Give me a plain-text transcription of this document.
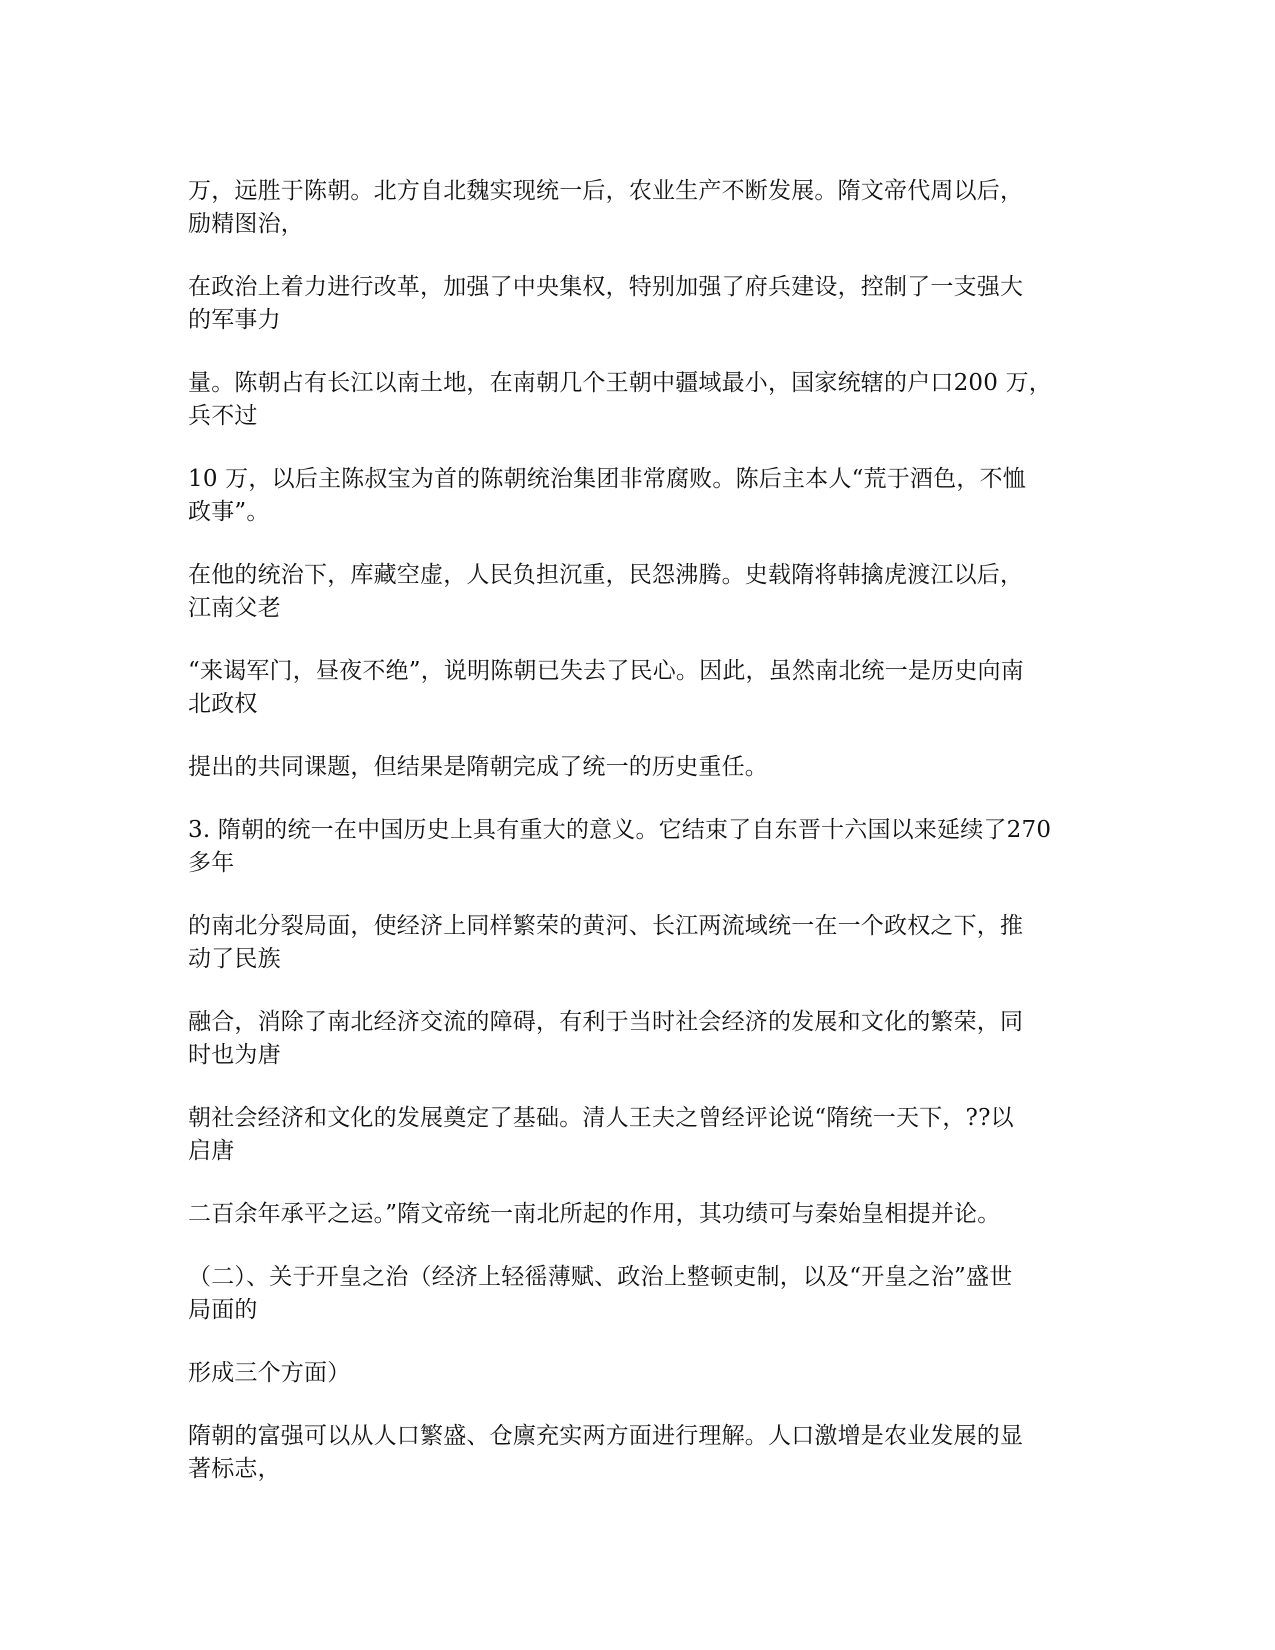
万，远胜于陈朝。北方自北魏实现统一后，农业生产不断发展。隋文帝代周以后，
励精图治，

在政治上着力进行改革，加强了中央集权，特别加强了府兵建设，控制了一支强大
的军事力

量。陈朝占有长江以南土地，在南朝几个王朝中疆域最小，国家统辖的户口200 万，
兵不过

10 万，以后主陈叔宝为首的陈朝统治集团非常腐败。陈后主本人“荒于酒色，不恤
政事”。

在他的统治下，库藏空虚，人民负担沉重，民怨沸腾。史载隋将韩擒虎渡江以后，
江南父老

“来谒军门，昼夜不绝”，说明陈朝已失去了民心。因此，虽然南北统一是历史向南
北政权

提出的共同课题，但结果是隋朝完成了统一的历史重任。

3. 隋朝的统一在中国历史上具有重大的意义。它结束了自东晋十六国以来延续了270
多年

的南北分裂局面，使经济上同样繁荣的黄河、长江两流域统一在一个政权之下，推
动了民族

融合，消除了南北经济交流的障碍，有利于当时社会经济的发展和文化的繁荣，同
时也为唐

朝社会经济和文化的发展奠定了基础。清人王夫之曾经评论说“隋统一天下，??以
启唐

二百余年承平之运。”隋文帝统一南北所起的作用，其功绩可与秦始皇相提并论。

（二）、关于开皇之治（经济上轻徭薄赋、政治上整顿吏制，以及“开皇之治”盛世
局面的

形成三个方面）

隋朝的富强可以从人口繁盛、仓廪充实两方面进行理解。人口激增是农业发展的显
著标志，
